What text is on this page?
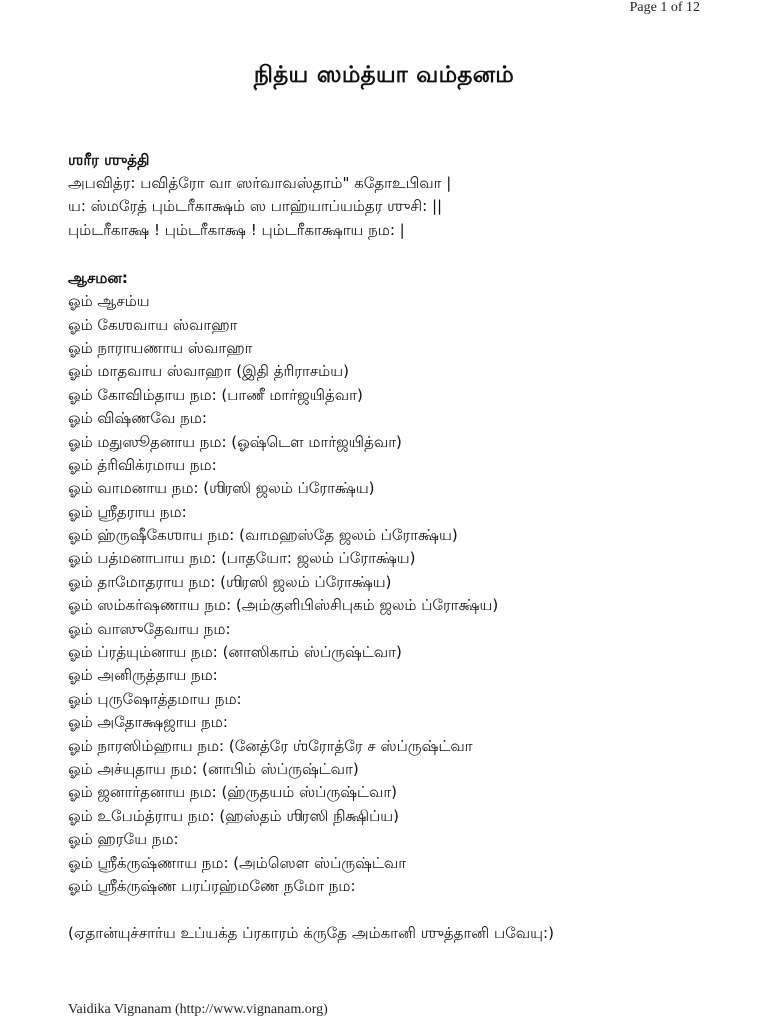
Page 1 of 12
நித்ய ஸம்த்யா வம்தனம்
ஶரீர ஶுத்தி
அபவித்ர: பவித்ரோ வா ஸர்வாவஸ்தாம்" கதோஉபிவா |
ய: ஸ்மரேத் பும்டரீகாக்ஷம் ஸ பாஹ்யாப்யம்தர ஶுசி: ||
பும்டரீகாக்ஷ ! பும்டரீகாக்ஷ ! பும்டரீகாக்ஷாய நம: |
ஆசமன:
ஓம் ஆசம்ய
ஓம் கேஶவாய ஸ்வாஹா
ஓம் நாராயணாய ஸ்வாஹா
ஓம் மாதவாய ஸ்வாஹா (இதி த்ரிராசம்ய)
ஓம் கோவிம்தாய நம: (பாணீ மார்ஜயித்வா)
ஓம் விஷ்ணவே நம:
ஓம் மதுஸூதனாய நம: (ஓஷ்டௌ மார்ஜயித்வா)
ஓம் த்ரிவிக்ரமாய நம:
ஓம் வாமனாய நம: (ஶிரஸி ஜலம் ப்ரோக்ஷ்ய)
ஓம் ஶ்ரீதராய நம:
ஓம் ஹ்ருஷீகேஶாய நம: (வாமஹஸ்தே ஜலம் ப்ரோக்ஷ்ய)
ஓம் பத்மனாபாய நம: (பாதயோ: ஜலம் ப்ரோக்ஷ்ய)
ஓம் தாமோதராய நம: (ஶிரஸி ஜலம் ப்ரோக்ஷ்ய)
ஓம் ஸம்கர்ஷணாய நம: (அம்குளிபிஸ்சிபுகம் ஜலம் ப்ரோக்ஷ்ய)
ஓம் வாஸுதேவாய நம:
ஓம் ப்ரத்யும்னாய நம: (னாஸிகாம் ஸ்ப்ருஷ்ட்வா)
ஓம் அனிருத்தாய நம:
ஓம் புருஷோத்தமாய நம:
ஓம் அதோக்ஷஜாய நம:
ஓம் நாரஸிம்ஹாய நம: (னேத்ரே ஶ்ரோத்ரே ச ஸ்ப்ருஷ்ட்வா
ஓம் அச்யுதாய நம: (னாபிம் ஸ்ப்ருஷ்ட்வா)
ஓம் ஜனார்தனாய நம: (ஹ்ருதயம் ஸ்ப்ருஷ்ட்வா)
ஓம் உபேம்த்ராய நம: (ஹஸ்தம் ஶிரஸி நிக்ஷிப்ய)
ஓம் ஹரயே நம:
ஓம் ஶ்ரீக்ருஷ்ணாய நம: (அம்ஸௌ ஸ்ப்ருஷ்ட்வா
ஓம் ஶ்ரீக்ருஷ்ண பரப்ரஹ்மணே நமோ நம:
(ஏதான்யுச்சார்ய உப்யக்த ப்ரகாரம் க்ருதே அம்கானி ஶுத்தானி பவேயு:)
Vaidika Vignanam (http://www.vignanam.org)
